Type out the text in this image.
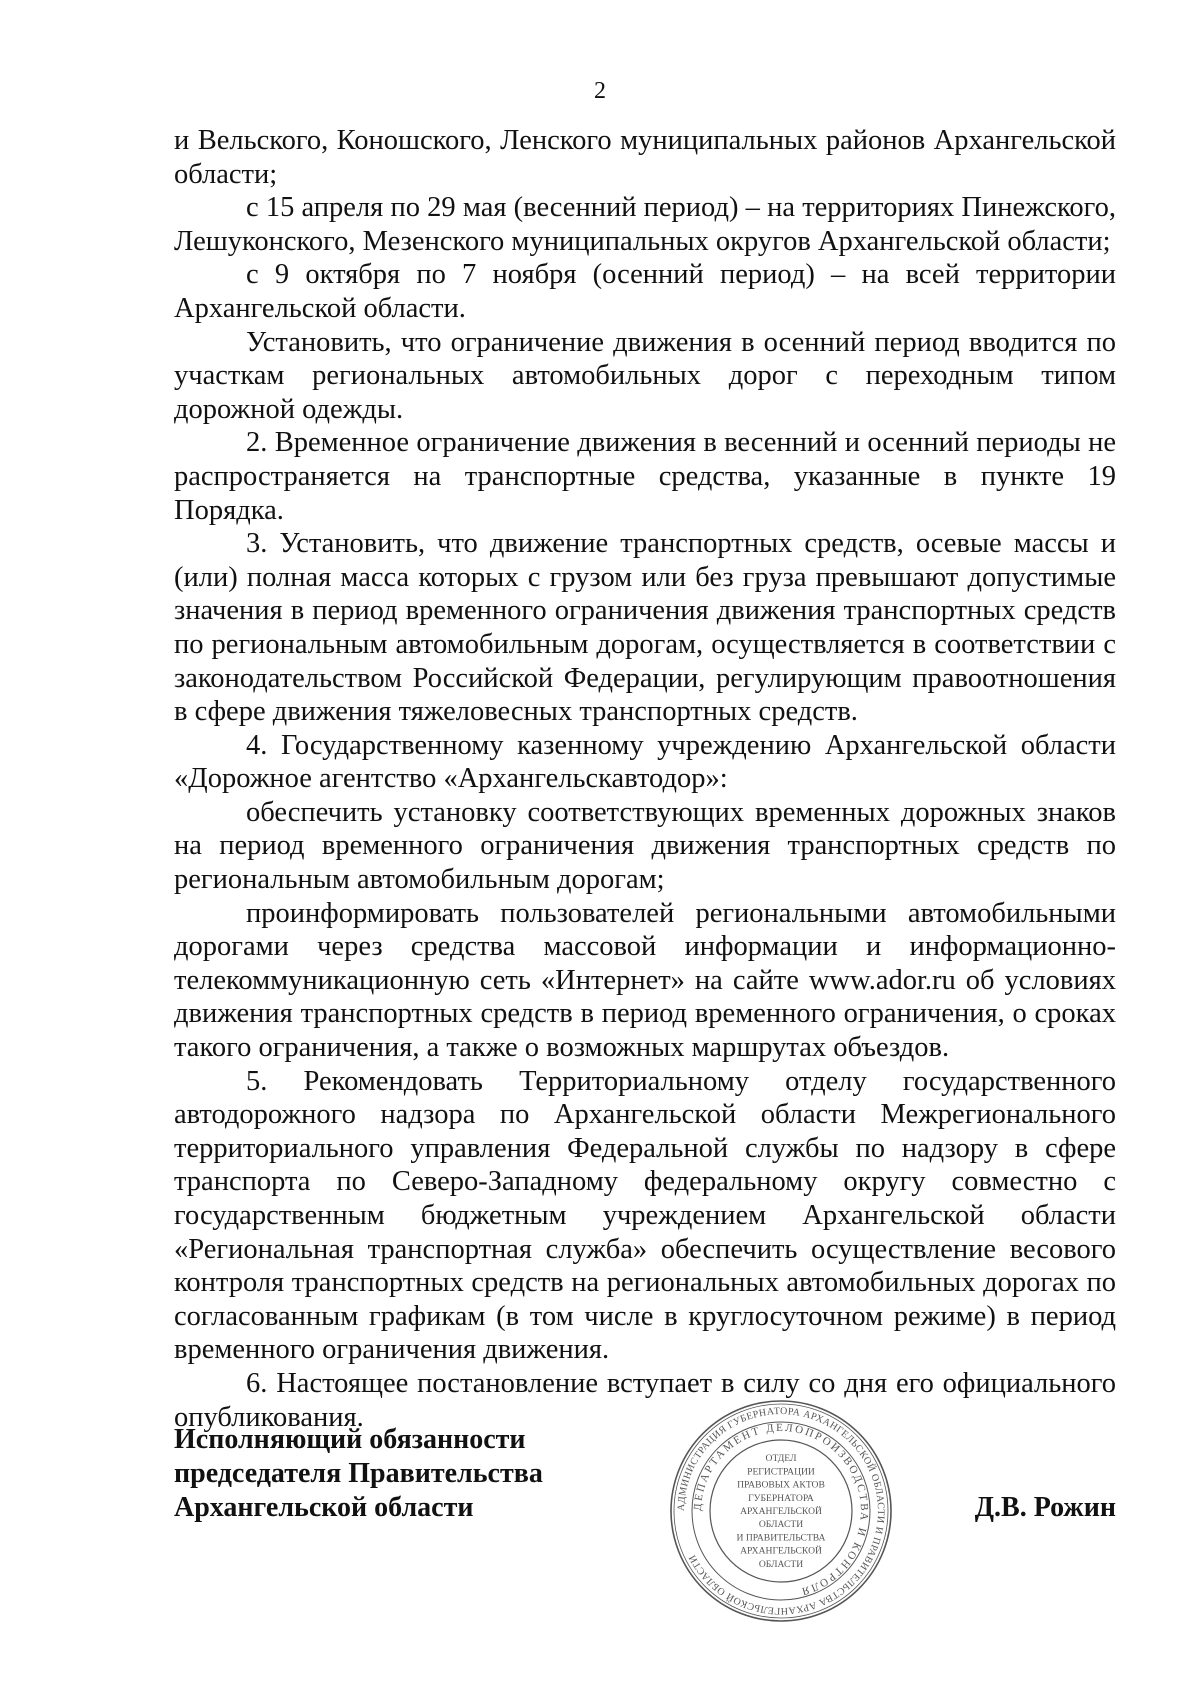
2

и Вельского, Коношского, Ленского муниципальных районов Архангельской области;

с 15 апреля по 29 мая (весенний период) – на территориях Пинежского, Лешуконского, Мезенского муниципальных округов Архангельской области;

с 9 октября по 7 ноября (осенний период) – на всей территории Архангельской области.

Установить, что ограничение движения в осенний период вводится по участкам региональных автомобильных дорог с переходным типом дорожной одежды.

2. Временное ограничение движения в весенний и осенний периоды не распространяется на транспортные средства, указанные в пункте 19 Порядка.

3. Установить, что движение транспортных средств, осевые массы и (или) полная масса которых с грузом или без груза превышают допустимые значения в период временного ограничения движения транспортных средств по региональным автомобильным дорогам, осуществляется в соответствии с законодательством Российской Федерации, регулирующим правоотношения в сфере движения тяжеловесных транспортных средств.

4. Государственному казенному учреждению Архангельской области «Дорожное агентство «Архангельскавтодор»:

обеспечить установку соответствующих временных дорожных знаков на период временного ограничения движения транспортных средств по региональным автомобильным дорогам;

проинформировать пользователей региональными автомобильными дорогами через средства массовой информации и информационно-телекоммуникационную сеть «Интернет» на сайте www.ador.ru об условиях движения транспортных средств в период временного ограничения, о сроках такого ограничения, а также о возможных маршрутах объездов.

5. Рекомендовать Территориальному отделу государственного автодорожного надзора по Архангельской области Межрегионального территориального управления Федеральной службы по надзору в сфере транспорта по Северо-Западному федеральному округу совместно с государственным бюджетным учреждением Архангельской области «Региональная транспортная служба» обеспечить осуществление весового контроля транспортных средств на региональных автомобильных дорогах по согласованным графикам (в том числе в круглосуточном режиме) в период временного ограничения движения.

6. Настоящее постановление вступает в силу со дня его официального опубликования.

Исполняющий обязанности
председателя Правительства
Архангельской области	АДМИНИСТРАЦИЯ ГУБЕРНАТОРА АРХАНГЕЛЬСКОЙ ОБЛАСТИ И ПРАВИТЕЛЬСТВА АРХАНГЕЛЬСКОЙ ОБЛАСТИ
ДЕПАРТАМЕНТ ДЕЛОПРОИЗВОДСТВА И КОНТРОЛЯ
ОТДЕЛ
РЕГИСТРАЦИИ
ПРАВОВЫХ АКТОВ
ГУБЕРНАТОРА
АРХАНГЕЛЬСКОЙ
ОБЛАСТИ
И ПРАВИТЕЛЬСТВА
АРХАНГЕЛЬСКОЙ
ОБЛАСТИ
Д.В. Рожин
